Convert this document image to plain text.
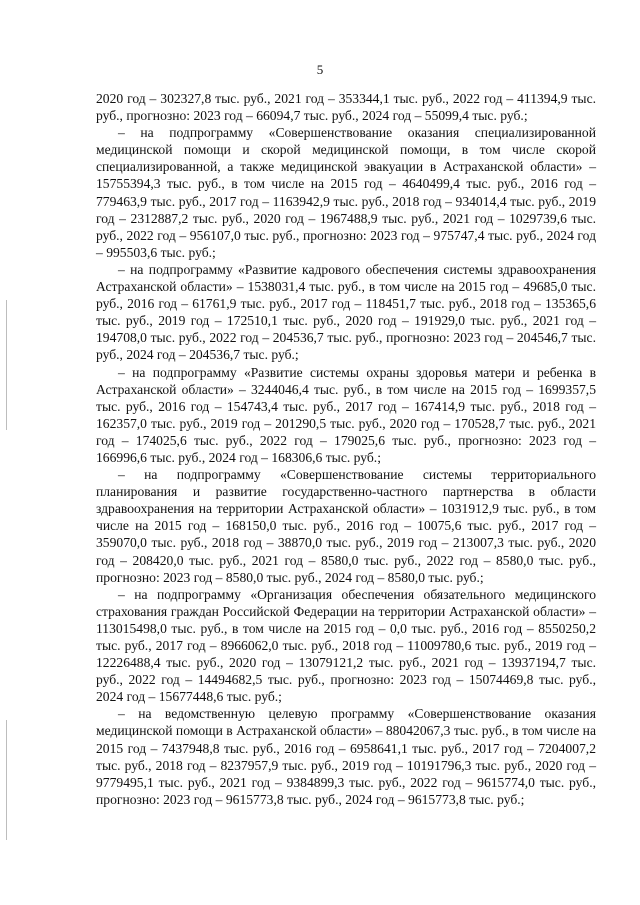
5

2020 год – 302327,8 тыс. руб., 2021 год – 353344,1 тыс. руб., 2022 год – 411394,9 тыс. руб., прогнозно: 2023 год – 66094,7 тыс. руб., 2024 год – 55099,4 тыс. руб.;

– на подпрограмму «Совершенствование оказания специализированной медицинской помощи и скорой медицинской помощи, в том числе скорой специализированной, а также медицинской эвакуации в Астраханской области» – 15755394,3 тыс. руб., в том числе на 2015 год – 4640499,4 тыс. руб., 2016 год – 779463,9 тыс. руб., 2017 год – 1163942,9 тыс. руб., 2018 год – 934014,4 тыс. руб., 2019 год – 2312887,2 тыс. руб., 2020 год – 1967488,9 тыс. руб., 2021 год – 1029739,6 тыс. руб., 2022 год – 956107,0 тыс. руб., прогнозно: 2023 год – 975747,4 тыс. руб., 2024 год – 995503,6 тыс. руб.;

– на подпрограмму «Развитие кадрового обеспечения системы здравоохранения Астраханской области» – 1538031,4 тыс. руб., в том числе на 2015 год – 49685,0 тыс. руб., 2016 год – 61761,9 тыс. руб., 2017 год – 118451,7 тыс. руб., 2018 год – 135365,6 тыс. руб., 2019 год – 172510,1 тыс. руб., 2020 год – 191929,0 тыс. руб., 2021 год – 194708,0 тыс. руб., 2022 год – 204536,7 тыс. руб., прогнозно: 2023 год – 204546,7 тыс. руб., 2024 год – 204536,7 тыс. руб.;

– на подпрограмму «Развитие системы охраны здоровья матери и ребенка в Астраханской области» – 3244046,4 тыс. руб., в том числе на 2015 год – 1699357,5 тыс. руб., 2016 год – 154743,4 тыс. руб., 2017 год – 167414,9 тыс. руб., 2018 год – 162357,0 тыс. руб., 2019 год – 201290,5 тыс. руб., 2020 год – 170528,7 тыс. руб., 2021 год – 174025,6 тыс. руб., 2022 год – 179025,6 тыс. руб., прогнозно: 2023 год – 166996,6 тыс. руб., 2024 год – 168306,6 тыс. руб.;

– на подпрограмму «Совершенствование системы территориального планирования и развитие государственно-частного партнерства в области здравоохранения на территории Астраханской области» – 1031912,9 тыс. руб., в том числе на 2015 год – 168150,0 тыс. руб., 2016 год – 10075,6 тыс. руб., 2017 год – 359070,0 тыс. руб., 2018 год – 38870,0 тыс. руб., 2019 год – 213007,3 тыс. руб., 2020 год – 208420,0 тыс. руб., 2021 год – 8580,0 тыс. руб., 2022 год – 8580,0 тыс. руб., прогнозно: 2023 год – 8580,0 тыс. руб., 2024 год – 8580,0 тыс. руб.;

– на подпрограмму «Организация обеспечения обязательного медицинского страхования граждан Российской Федерации на территории Астраханской области» – 113015498,0 тыс. руб., в том числе на 2015 год – 0,0 тыс. руб., 2016 год – 8550250,2 тыс. руб., 2017 год – 8966062,0 тыс. руб., 2018 год – 11009780,6 тыс. руб., 2019 год – 12226488,4 тыс. руб., 2020 год – 13079121,2 тыс. руб., 2021 год – 13937194,7 тыс. руб., 2022 год – 14494682,5 тыс. руб., прогнозно: 2023 год – 15074469,8 тыс. руб., 2024 год – 15677448,6 тыс. руб.;

– на ведомственную целевую программу «Совершенствование оказания медицинской помощи в Астраханской области» – 88042067,3 тыс. руб., в том числе на 2015 год – 7437948,8 тыс. руб., 2016 год – 6958641,1 тыс. руб., 2017 год – 7204007,2 тыс. руб., 2018 год – 8237957,9 тыс. руб., 2019 год – 10191796,3 тыс. руб., 2020 год – 9779495,1 тыс. руб., 2021 год – 9384899,3 тыс. руб., 2022 год – 9615774,0 тыс. руб., прогнозно: 2023 год – 9615773,8 тыс. руб., 2024 год – 9615773,8 тыс. руб.;
